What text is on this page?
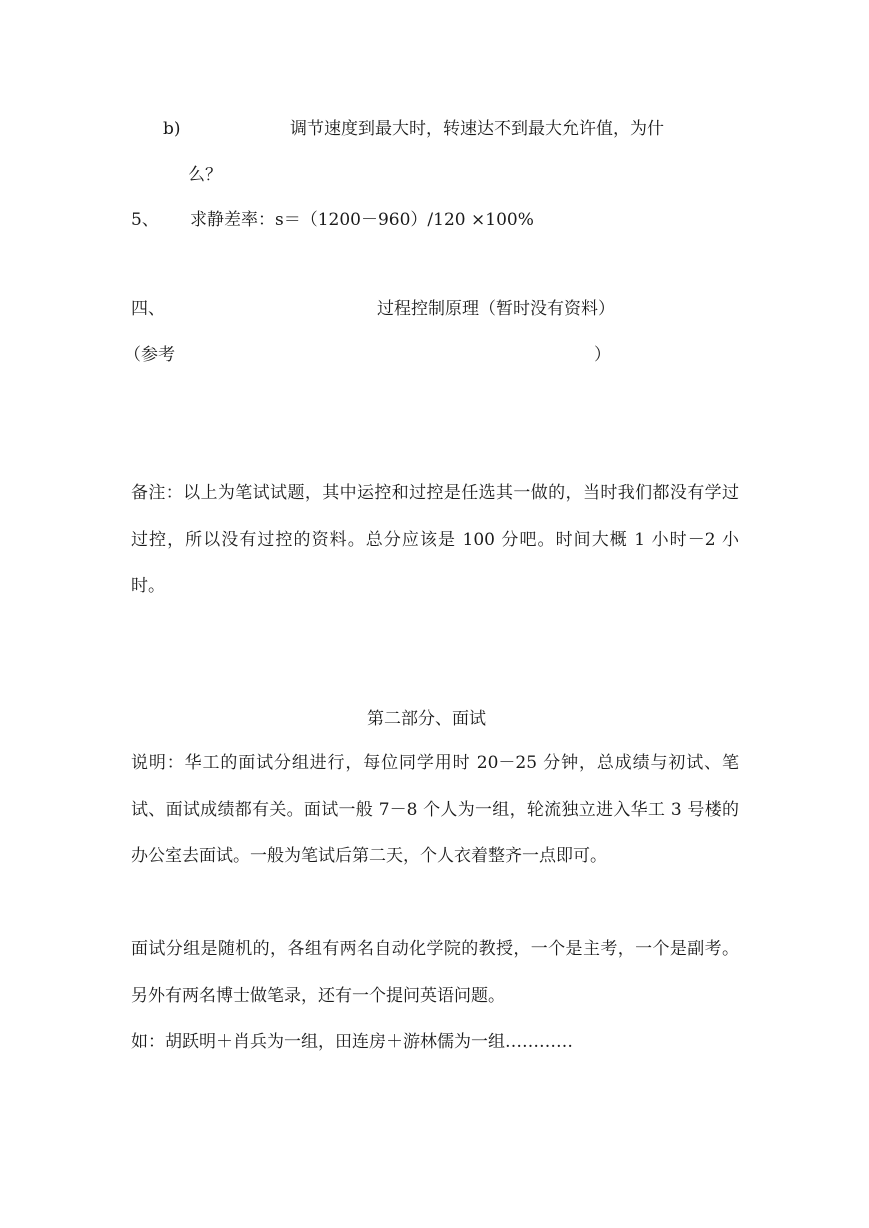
b)	调节速度到最大时，转速达不到最大允许值，为什

么？

5、 求静差率：s＝（1200－960）/120 ×100%

四、	过程控制原理（暂时没有资料）

（参考	）

备注：以上为笔试试题，其中运控和过控是任选其一做的，当时我们都没有学过过控，所以没有过控的资料。总分应该是 100 分吧。时间大概 1 小时－2 小时。

第二部分、面试

说明：华工的面试分组进行，每位同学用时 20－25 分钟，总成绩与初试、笔试、面试成绩都有关。面试一般 7－8 个人为一组，轮流独立进入华工 3 号楼的办公室去面试。一般为笔试后第二天，个人衣着整齐一点即可。

面试分组是随机的，各组有两名自动化学院的教授，一个是主考，一个是副考。另外有两名博士做笔录，还有一个提问英语问题。

如：胡跃明＋肖兵为一组，田连房＋游林儒为一组…………
